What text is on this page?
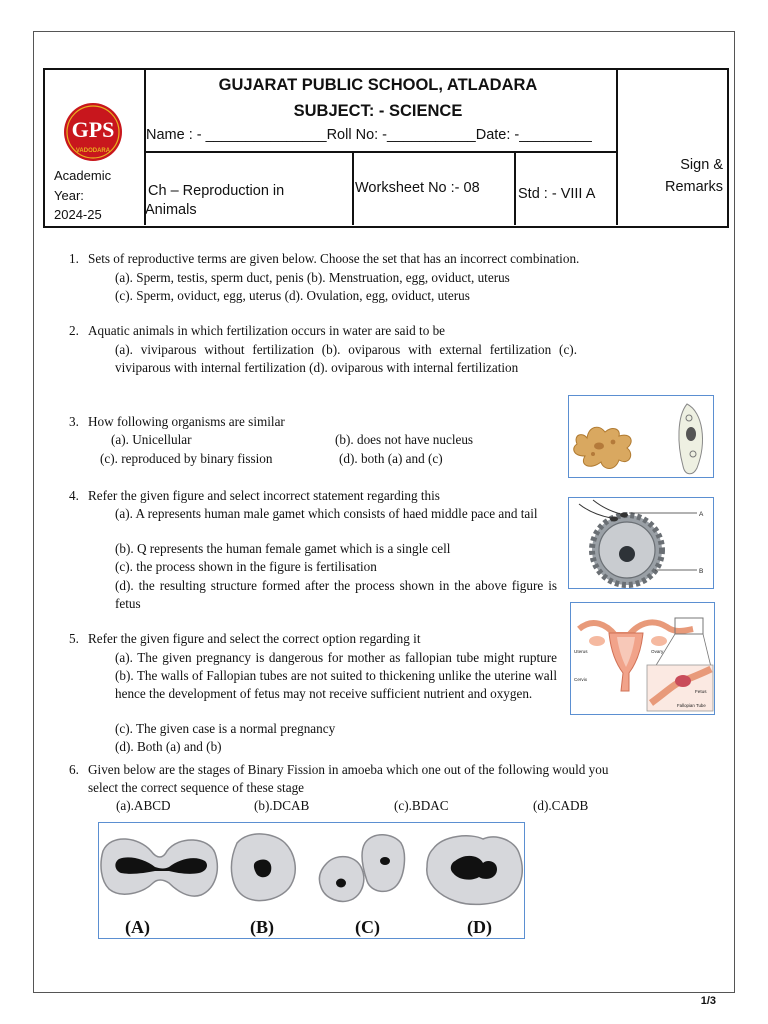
GPS
VADODARA
Academic
Year:
2024-25
GUJARAT PUBLIC SCHOOL, ATLADARA
SUBJECT: - SCIENCE
Name : - _______________Roll No: -___________Date: -_________
Ch – Reproduction in
Animals
Worksheet No :- 08	Std : - VIII A
Sign &
Remarks
1. Sets of reproductive terms are given below. Choose the set that has an incorrect combination.
(a). Sperm, testis, sperm duct, penis (b). Menstruation, egg, oviduct, uterus
(c). Sperm, oviduct, egg, uterus (d). Ovulation, egg, oviduct, uterus
2. Aquatic animals in which fertilization occurs in water are said to be
(a). viviparous without fertilization (b). oviparous with external fertilization (c). viviparous with internal fertilization (d). oviparous with internal fertilization
3. How following organisms are similar
(a). Unicellular	(b). does not have nucleus
(c). reproduced by binary fission	(d). both (a) and (c)
4. Refer the given figure and select incorrect statement regarding this
(a). A represents human male gamet which consists of haed middle pace and tail
(b). Q represents the human female gamet which is a single cell
(c). the process shown in the figure is fertilisation
(d). the resulting structure formed after the process shown in the above figure is fetus
A
B
5. Refer the given figure and select the correct option regarding it
(a). The given pregnancy is dangerous for mother as fallopian tube might rupture (b). The walls of Fallopian tubes are not suited to thickening unlike the uterine wall hence the development of fetus may not receive sufficient nutrient and oxygen.
(c). The given case is a normal pregnancy
(d). Both (a) and (b)
Uterus	Ovary
Cervix
Fetus
Fallopian Tube
6. Given below are the stages of Binary Fission in amoeba which one out of the following would you
select the correct sequence of these stage
(a).ABCD	(b).DCAB	(c).BDAC	(d).CADB
(A)	(B)	(C)	(D)
1/3
